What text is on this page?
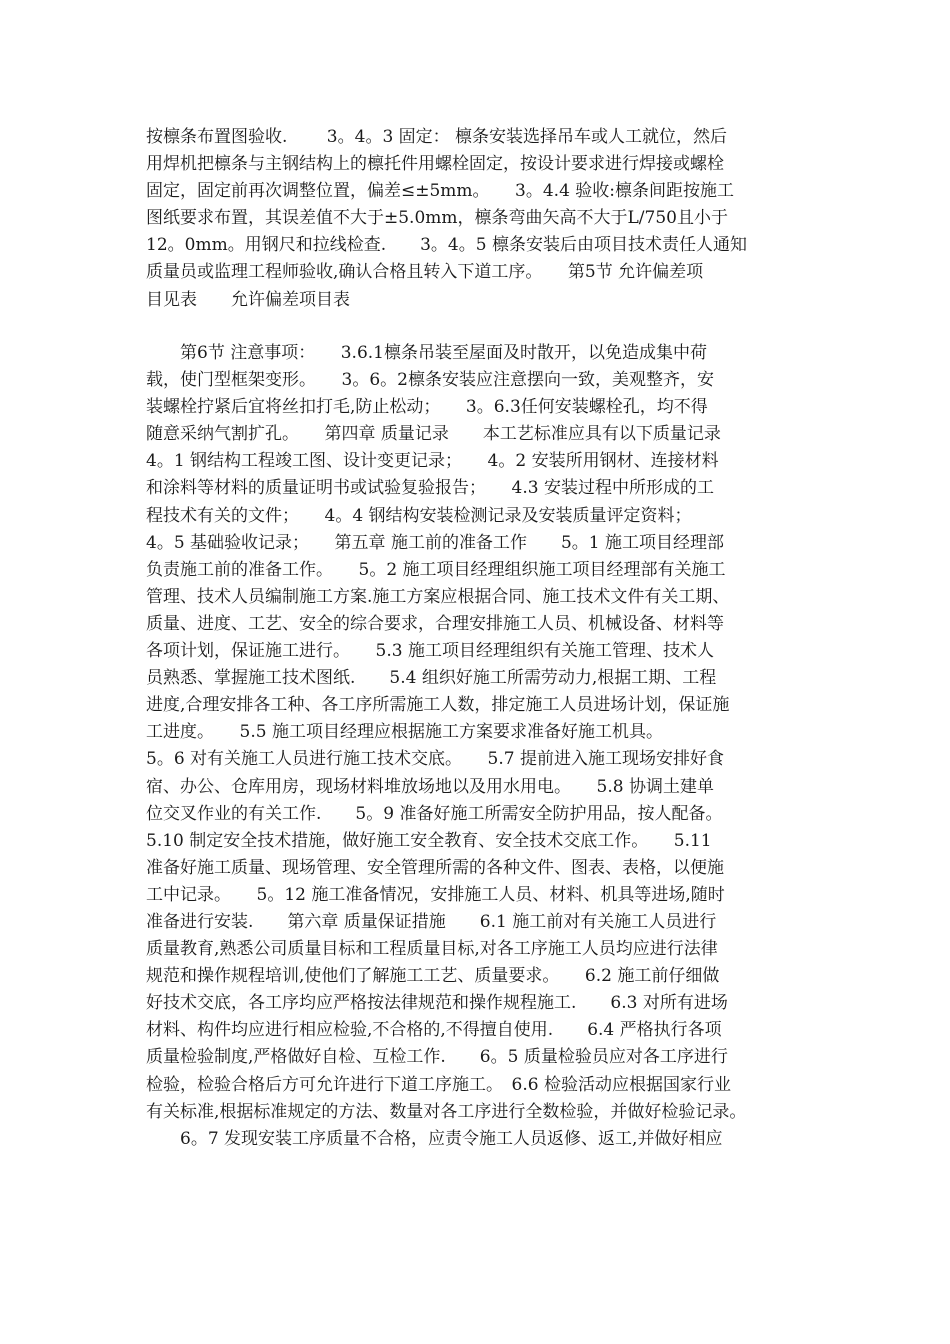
按檩条布置图验收.　　 3。4。3 固定： 檩条安装选择吊车或人工就位，然后
用焊机把檩条与主钢结构上的檩托件用螺栓固定，按设计要求进行焊接或螺栓
固定，固定前再次调整位置，偏差≤±5mm。　　3。4.4 验收:檩条间距按施工
图纸要求布置，其误差值不大于±5.0mm，檩条弯曲矢高不大于L/750且小于
12。0mm。用钢尺和拉线检查.　　3。4。5 檩条安装后由项目技术责任人通知
质量员或监理工程师验收,确认合格且转入下道工序。　　第5节 允许偏差项
目见表　　允许偏差项目表
　　第6节 注意事项：　　3.6.1檩条吊装至屋面及时散开，以免造成集中荷
载，使门型框架变形。　　3。6。2檩条安装应注意摆向一致，美观整齐，安
装螺栓拧紧后宜将丝扣打毛,防止松动；　　3。6.3任何安装螺栓孔，均不得
随意采纳气割扩孔。　　第四章 质量记录　　本工艺标准应具有以下质量记录
4。1 钢结构工程竣工图、设计变更记录；　　4。2 安装所用钢材、连接材料
和涂料等材料的质量证明书或试验复验报告；　　4.3 安装过程中所形成的工
程技术有关的文件；　　4。4 钢结构安装检测记录及安装质量评定资料；
4。5 基础验收记录；　　第五章 施工前的准备工作　　5。1 施工项目经理部
负责施工前的准备工作。　　5。2 施工项目经理组织施工项目经理部有关施工
管理、技术人员编制施工方案.施工方案应根据合同、施工技术文件有关工期、
质量、进度、工艺、安全的综合要求，合理安排施工人员、机械设备、材料等
各项计划，保证施工进行。　　5.3 施工项目经理组织有关施工管理、技术人
员熟悉、掌握施工技术图纸.　　5.4 组织好施工所需劳动力,根据工期、工程
进度,合理安排各工种、各工序所需施工人数，排定施工人员进场计划，保证施
工进度。　　5.5 施工项目经理应根据施工方案要求准备好施工机具。
5。6 对有关施工人员进行施工技术交底。　　5.7 提前进入施工现场安排好食
宿、办公、仓库用房，现场材料堆放场地以及用水用电。　　5.8 协调土建单
位交叉作业的有关工作.　　5。9 准备好施工所需安全防护用品，按人配备。
5.10 制定安全技术措施，做好施工安全教育、安全技术交底工作。　　5.11
准备好施工质量、现场管理、安全管理所需的各种文件、图表、表格，以便施
工中记录。　　5。12 施工准备情况，安排施工人员、材料、机具等进场,随时
准备进行安装.　　第六章 质量保证措施　　6.1 施工前对有关施工人员进行
质量教育,熟悉公司质量目标和工程质量目标,对各工序施工人员均应进行法律
规范和操作规程培训,使他们了解施工工艺、质量要求。　　6.2 施工前仔细做
好技术交底，各工序均应严格按法律规范和操作规程施工.　　6.3 对所有进场
材料、构件均应进行相应检验,不合格的,不得擅自使用.　　6.4 严格执行各项
质量检验制度,严格做好自检、互检工作.　　6。5 质量检验员应对各工序进行
检验，检验合格后方可允许进行下道工序施工。　6.6 检验活动应根据国家行业
有关标准,根据标准规定的方法、数量对各工序进行全数检验，并做好检验记录。
　　6。7 发现安装工序质量不合格，应责令施工人员返修、返工,并做好相应
